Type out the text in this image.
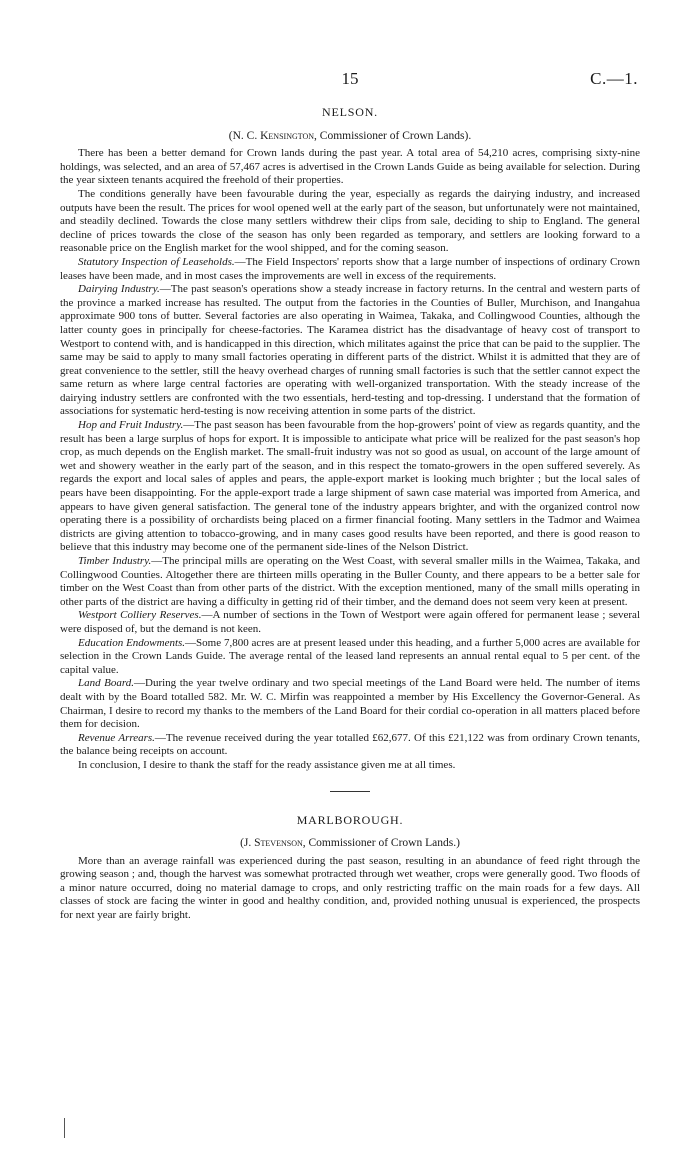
15	C.—1.
NELSON.
(N. C. Kensington, Commissioner of Crown Lands).

There has been a better demand for Crown lands during the past year. A total area of 54,210 acres, comprising sixty-nine holdings, was selected, and an area of 57,467 acres is advertised in the Crown Lands Guide as being available for selection. During the year sixteen tenants acquired the freehold of their properties.

The conditions generally have been favourable during the year, especially as regards the dairying industry, and increased outputs have been the result. The prices for wool opened well at the early part of the season, but unfortunately were not maintained, and steadily declined. Towards the close many settlers withdrew their clips from sale, deciding to ship to England. The general decline of prices towards the close of the season has only been regarded as temporary, and settlers are looking forward to a reasonable price on the English market for the wool shipped, and for the coming season.

Statutory Inspection of Leaseholds.—The Field Inspectors' reports show that a large number of inspections of ordinary Crown leases have been made, and in most cases the improvements are well in excess of the requirements.

Dairying Industry.—The past season's operations show a steady increase in factory returns. In the central and western parts of the province a marked increase has resulted. The output from the factories in the Counties of Buller, Murchison, and Inangahua approximate 900 tons of butter. Several factories are also operating in Waimea, Takaka, and Collingwood Counties, although the latter county goes in principally for cheese-factories. The Karamea district has the disadvantage of heavy cost of transport to Westport to contend with, and is handicapped in this direction, which militates against the price that can be paid to the supplier. The same may be said to apply to many small factories operating in different parts of the district. Whilst it is admitted that they are of great convenience to the settler, still the heavy overhead charges of running small factories is such that the settler cannot expect the same return as where large central factories are operating with well-organized transportation. With the steady increase of the dairying industry settlers are confronted with the two essentials, herd-testing and top-dressing. I understand that the formation of associations for systematic herd-testing is now receiving attention in some parts of the district.

Hop and Fruit Industry.—The past season has been favourable from the hop-growers' point of view as regards quantity, and the result has been a large surplus of hops for export. It is impossible to anticipate what price will be realized for the past season's hop crop, as much depends on the English market. The small-fruit industry was not so good as usual, on account of the large amount of wet and showery weather in the early part of the season, and in this respect the tomato-growers in the open suffered severely. As regards the export and local sales of apples and pears, the apple-export market is looking much brighter ; but the local sales of pears have been disappointing. For the apple-export trade a large shipment of sawn case material was imported from America, and appears to have given general satisfaction. The general tone of the industry appears brighter, and with the organized control now operating there is a possibility of orchardists being placed on a firmer financial footing. Many settlers in the Tadmor and Waimea districts are giving attention to tobacco-growing, and in many cases good results have been reported, and there is good reason to believe that this industry may become one of the permanent side-lines of the Nelson District.

Timber Industry.—The principal mills are operating on the West Coast, with several smaller mills in the Waimea, Takaka, and Collingwood Counties. Altogether there are thirteen mills operating in the Buller County, and there appears to be a better sale for timber on the West Coast than from other parts of the district. With the exception mentioned, many of the small mills operating in other parts of the district are having a difficulty in getting rid of their timber, and the demand does not seem very keen at present.

Westport Colliery Reserves.—A number of sections in the Town of Westport were again offered for permanent lease ; several were disposed of, but the demand is not keen.

Education Endowments.—Some 7,800 acres are at present leased under this heading, and a further 5,000 acres are available for selection in the Crown Lands Guide. The average rental of the leased land represents an annual rental equal to 5 per cent. of the capital value.

Land Board.—During the year twelve ordinary and two special meetings of the Land Board were held. The number of items dealt with by the Board totalled 582. Mr. W. C. Mirfin was reappointed a member by His Excellency the Governor-General. As Chairman, I desire to record my thanks to the members of the Land Board for their cordial co-operation in all matters placed before them for decision.

Revenue Arrears.—The revenue received during the year totalled £62,677. Of this £21,122 was from ordinary Crown tenants, the balance being receipts on account.

In conclusion, I desire to thank the staff for the ready assistance given me at all times.

MARLBOROUGH.
(J. Stevenson, Commissioner of Crown Lands.)

More than an average rainfall was experienced during the past season, resulting in an abundance of feed right through the growing season ; and, though the harvest was somewhat protracted through wet weather, crops were generally good. Two floods of a minor nature occurred, doing no material damage to crops, and only restricting traffic on the main roads for a few days. All classes of stock are facing the winter in good and healthy condition, and, provided nothing unusual is experienced, the prospects for next year are fairly bright.
